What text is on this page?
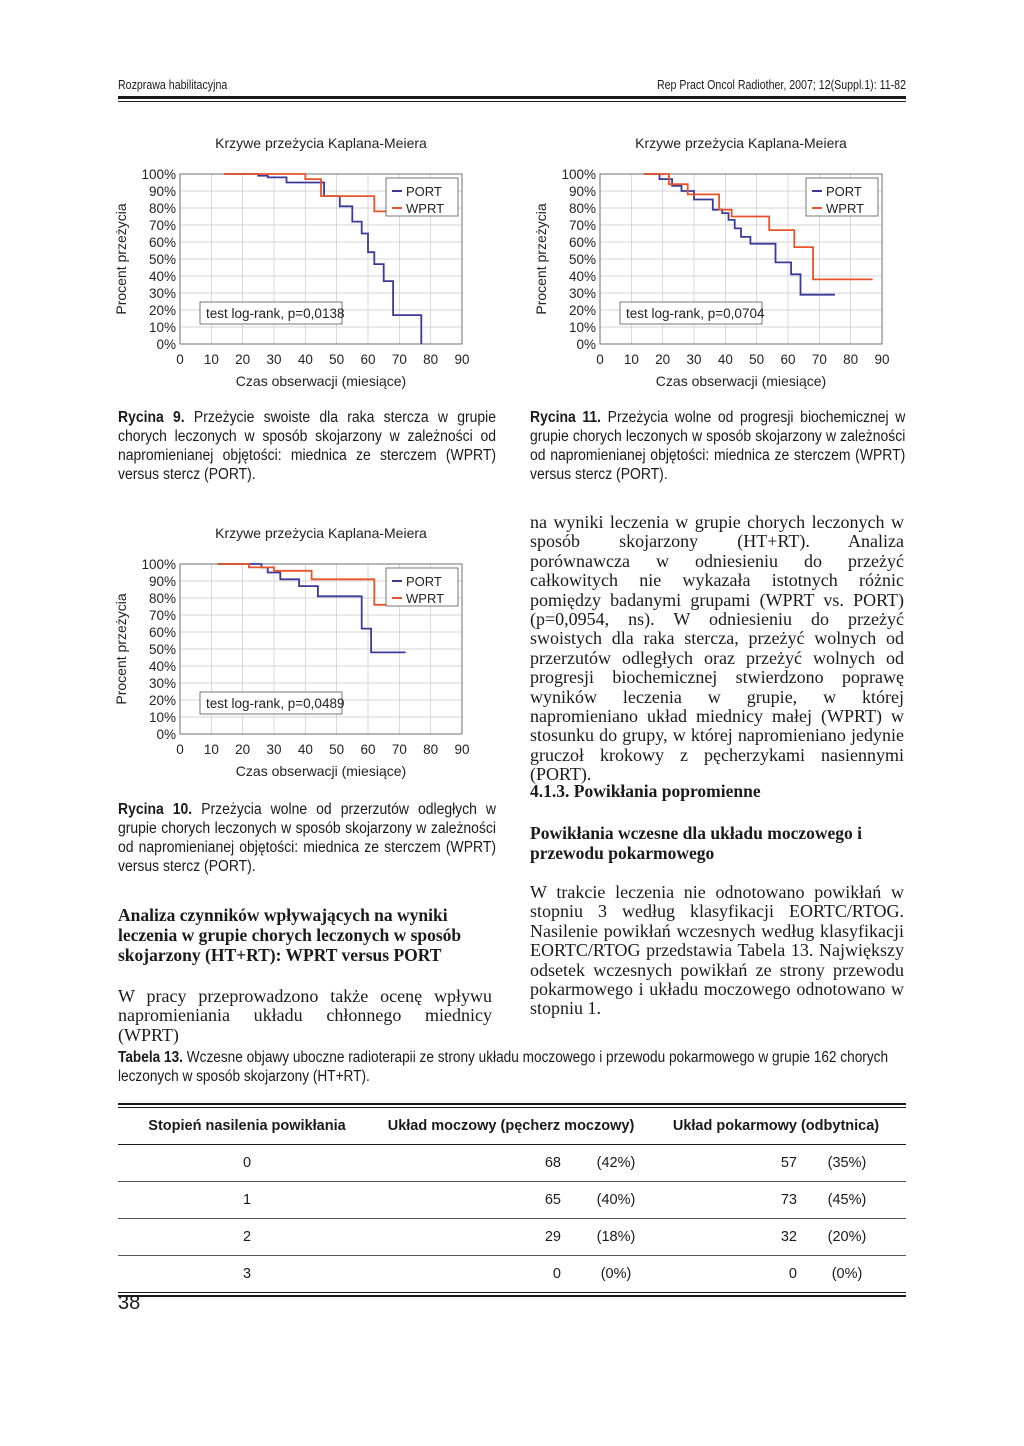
Rozprawa habilitacyjna	Rep Pract Oncol Radiother, 2007; 12(Suppl.1): 11-82
Krzywe przeżycia Kaplana-Meiera
0%
10%
20%
30%
40%
50%
60%
70%
80%
90%
100%
0 10 20 30 40 50 60 70 80 90
Czas obserwacji (miesiące)
Procent przeżycia
PORT
WPRT
test log-rank, p=0,0138
Krzywe przeżycia Kaplana-Meiera
0%
10%
20%
30%
40%
50%
60%
70%
80%
90%
100%
0 10 20 30 40 50 60 70 80 90
Czas obserwacji (miesiące)
Procent przeżycia
PORT
WPRT
test log-rank, p=0,0704
Krzywe przeżycia Kaplana-Meiera
0%
10%
20%
30%
40%
50%
60%
70%
80%
90%
100%
0 10 20 30 40 50 60 70 80 90
Czas obserwacji (miesiące)
Procent przeżycia
PORT
WPRT
test log-rank, p=0,0489
Rycina 9. Przeżycie swoiste dla raka stercza w grupie chorych leczonych w sposób skojarzony w zależności od napromienianej objętości: miednica ze sterczem (WPRT) versus stercz (PORT).
Rycina 11. Przeżycia wolne od progresji biochemicznej w grupie chorych leczonych w sposób skojarzony w zależności od napromienianej objętości: miednica ze sterczem (WPRT) versus stercz (PORT).
Rycina 10. Przeżycia wolne od przerzutów odległych w grupie chorych leczonych w sposób skojarzony w zależności od napromienianej objętości: miednica ze sterczem (WPRT) versus stercz (PORT).
Analiza czynników wpływających na wyniki leczenia w grupie chorych leczonych w sposób skojarzony (HT+RT): WPRT versus PORT
W pracy przeprowadzono także ocenę wpływu napromieniania układu chłonnego miednicy (WPRT)
na wyniki leczenia w grupie chorych leczonych w sposób skojarzony (HT+RT). Analiza porównawcza w odniesieniu do przeżyć całkowitych nie wykazała istotnych różnic pomiędzy badanymi grupami (WPRT vs. PORT) (p=0,0954, ns). W odniesieniu do przeżyć swoistych dla raka stercza, przeżyć wolnych od przerzutów odległych oraz przeżyć wolnych od progresji biochemicznej stwierdzono poprawę wyników leczenia w grupie, w której napromieniano układ miednicy małej (WPRT) w stosunku do grupy, w której napromieniano jedynie gruczoł krokowy z pęcherzykami nasiennymi (PORT).
4.1.3. Powikłania popromienne
Powikłania wczesne dla układu moczowego i przewodu pokarmowego
W trakcie leczenia nie odnotowano powikłań w stopniu 3 według klasyfikacji EORTC/RTOG. Nasilenie powikłań wczesnych według klasyfikacji EORTC/RTOG przedstawia Tabela 13. Największy odsetek wczesnych powikłań ze strony przewodu pokarmowego i układu moczowego odnotowano w stopniu 1.
Tabela 13. Wczesne objawy uboczne radioterapii ze strony układu moczowego i przewodu pokarmowego w grupie 162 chorych leczonych w sposób skojarzony (HT+RT).
Stopień nasilenia powikłania	Układ moczowy (pęcherz moczowy)	Układ pokarmowy (odbytnica)
0	68	(42%)	57	(35%)
1	65	(40%)	73	(45%)
2	29	(18%)	32	(20%)
3	0	(0%)	0	(0%)
38
